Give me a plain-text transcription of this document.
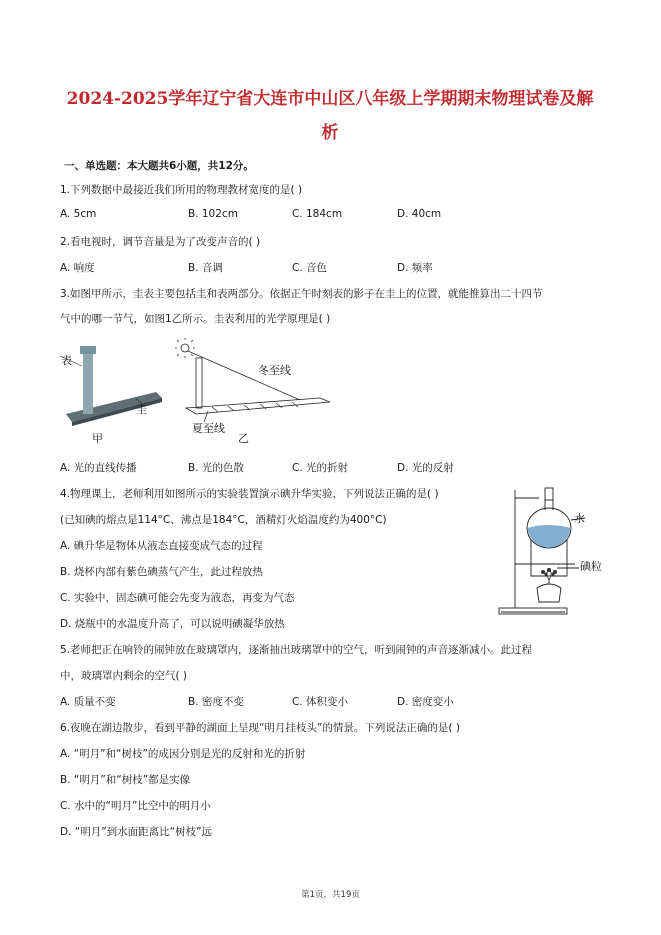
2024-2025学年辽宁省大连市中山区八年级上学期期末物理试卷及解
析
一、单选题：本大题共6小题，共12分。
1.下列数据中最接近我们所用的物理教材宽度的是( )
A. 5cm	B. 102cm	C. 184cm	D. 40cm
2.看电视时，调节音量是为了改变声音的( )
A. 响度	B. 音调	C. 音色	D. 频率
3.如图甲所示，圭表主要包括圭和表两部分。依据正午时刻表的影子在圭上的位置，就能推算出二十四节
气中的哪一节气，如图1乙所示。圭表利用的光学原理是( )
表
圭
甲
冬至线
夏至线
乙
A. 光的直线传播	B. 光的色散	C. 光的折射	D. 光的反射
4.物理课上，老师利用如图所示的实验装置演示碘升华实验，下列说法正确的是( )
(已知碘的熔点是114°C、沸点是184°C，酒精灯火焰温度约为400°C)
A. 碘升华是物体从液态直接变成气态的过程
B. 烧杯内部有紫色碘蒸气产生，此过程放热
C. 实验中，固态碘可能会先变为液态，再变为气态
D. 烧瓶中的水温度升高了，可以说明碘凝华放热
水
碘粒
5.老师把正在响铃的闹钟放在玻璃罩内，逐渐抽出玻璃罩中的空气，听到闹钟的声音逐渐减小。此过程
中，玻璃罩内剩余的空气( )
A. 质量不变	B. 密度不变	C. 体积变小	D. 密度变小
6.夜晚在湖边散步，看到平静的湖面上呈现“明月挂枝头”的情景。下列说法正确的是( )
A. “明月”和“树枝”的成因分别是光的反射和光的折射
B. “明月”和“树枝”都是实像
C. 水中的“明月”比空中的明月小
D. “明月”到水面距离比“树枝”远
第1页，共19页
